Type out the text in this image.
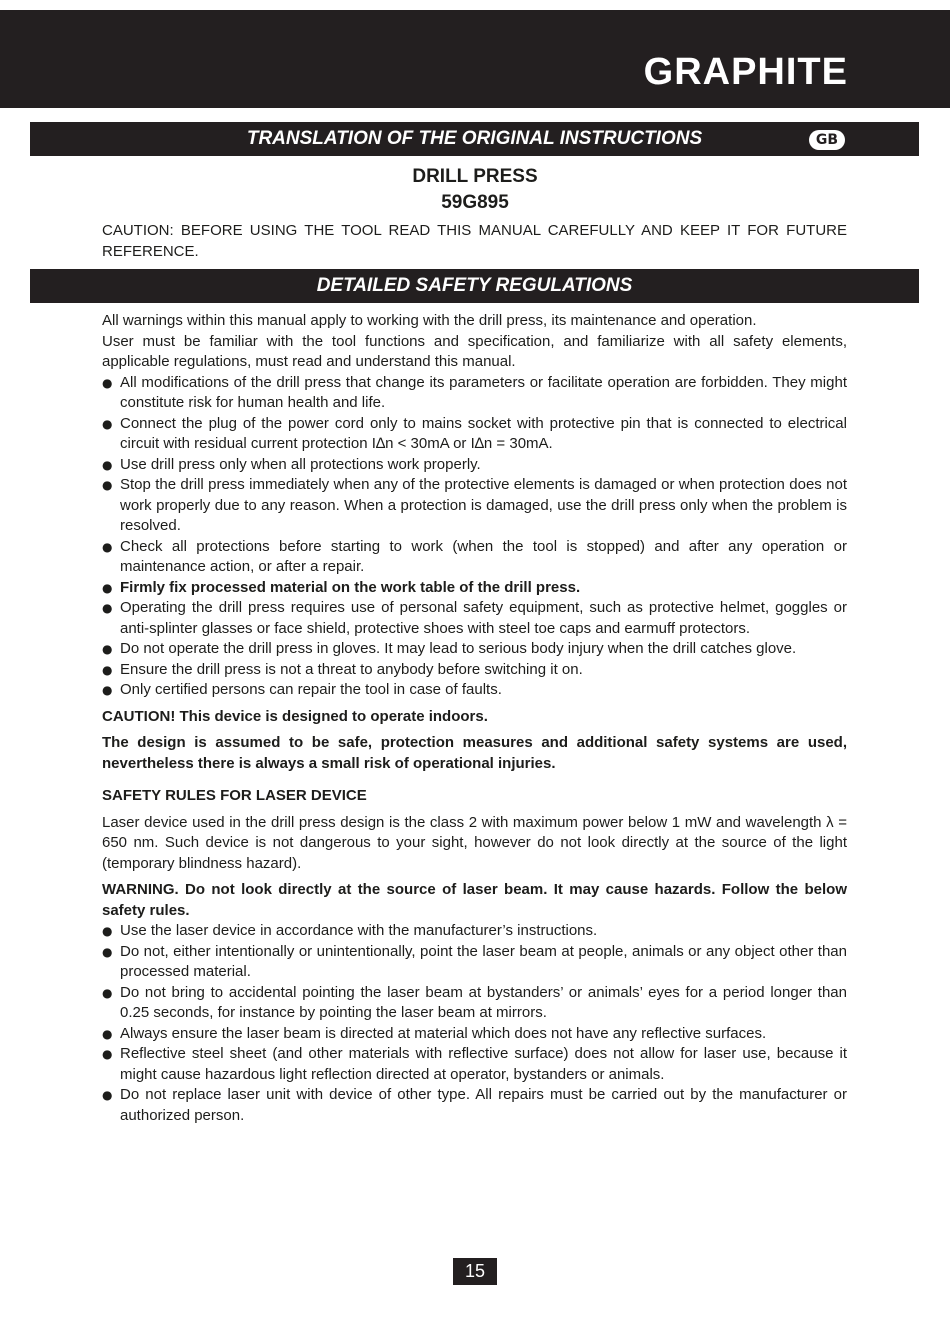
GRAPHITE
TRANSLATION OF THE ORIGINAL INSTRUCTIONS	GB
DRILL PRESS
59G895
CAUTION: BEFORE USING THE TOOL READ THIS MANUAL CAREFULLY AND KEEP IT FOR FUTURE REFERENCE.
DETAILED SAFETY REGULATIONS

All warnings within this manual apply to working with the drill press, its maintenance and operation.

User must be familiar with the tool functions and specification, and familiarize with all safety elements, applicable regulations, must read and understand this manual.

● All modifications of the drill press that change its parameters or facilitate operation are forbidden. They might constitute risk for human health and life.
● Connect the plug of the power cord only to mains socket with protective pin that is connected to electrical circuit with residual current protection I∆n < 30mA or I∆n = 30mA.
● Use drill press only when all protections work properly.
● Stop the drill press immediately when any of the protective elements is damaged or when protection does not work properly due to any reason. When a protection is damaged, use the drill press only when the problem is resolved.
● Check all protections before starting to work (when the tool is stopped) and after any operation or maintenance action, or after a repair.
● Firmly fix processed material on the work table of the drill press.
● Operating the drill press requires use of personal safety equipment, such as protective helmet, goggles or anti-splinter glasses or face shield, protective shoes with steel toe caps and earmuff protectors.
● Do not operate the drill press in gloves. It may lead to serious body injury when the drill catches glove.
● Ensure the drill press is not a threat to anybody before switching it on.
● Only certified persons can repair the tool in case of faults.

CAUTION! This device is designed to operate indoors.

The design is assumed to be safe, protection measures and additional safety systems are used, nevertheless there is always a small risk of operational injuries.

SAFETY RULES FOR LASER DEVICE

Laser device used in the drill press design is the class 2 with maximum power below 1 mW and wavelength λ = 650 nm. Such device is not dangerous to your sight, however do not look directly at the source of the light (temporary blindness hazard).

WARNING. Do not look directly at the source of laser beam. It may cause hazards. Follow the below safety rules.

● Use the laser device in accordance with the manufacturer’s instructions.
● Do not, either intentionally or unintentionally, point the laser beam at people, animals or any object other than processed material.
● Do not bring to accidental pointing the laser beam at bystanders’ or animals’ eyes for a period longer than 0.25 seconds, for instance by pointing the laser beam at mirrors.
● Always ensure the laser beam is directed at material which does not have any reflective surfaces.
● Reflective steel sheet (and other materials with reflective surface) does not allow for laser use, because it might cause hazardous light reflection directed at operator, bystanders or animals.
● Do not replace laser unit with device of other type. All repairs must be carried out by the manufacturer or authorized person.
15
